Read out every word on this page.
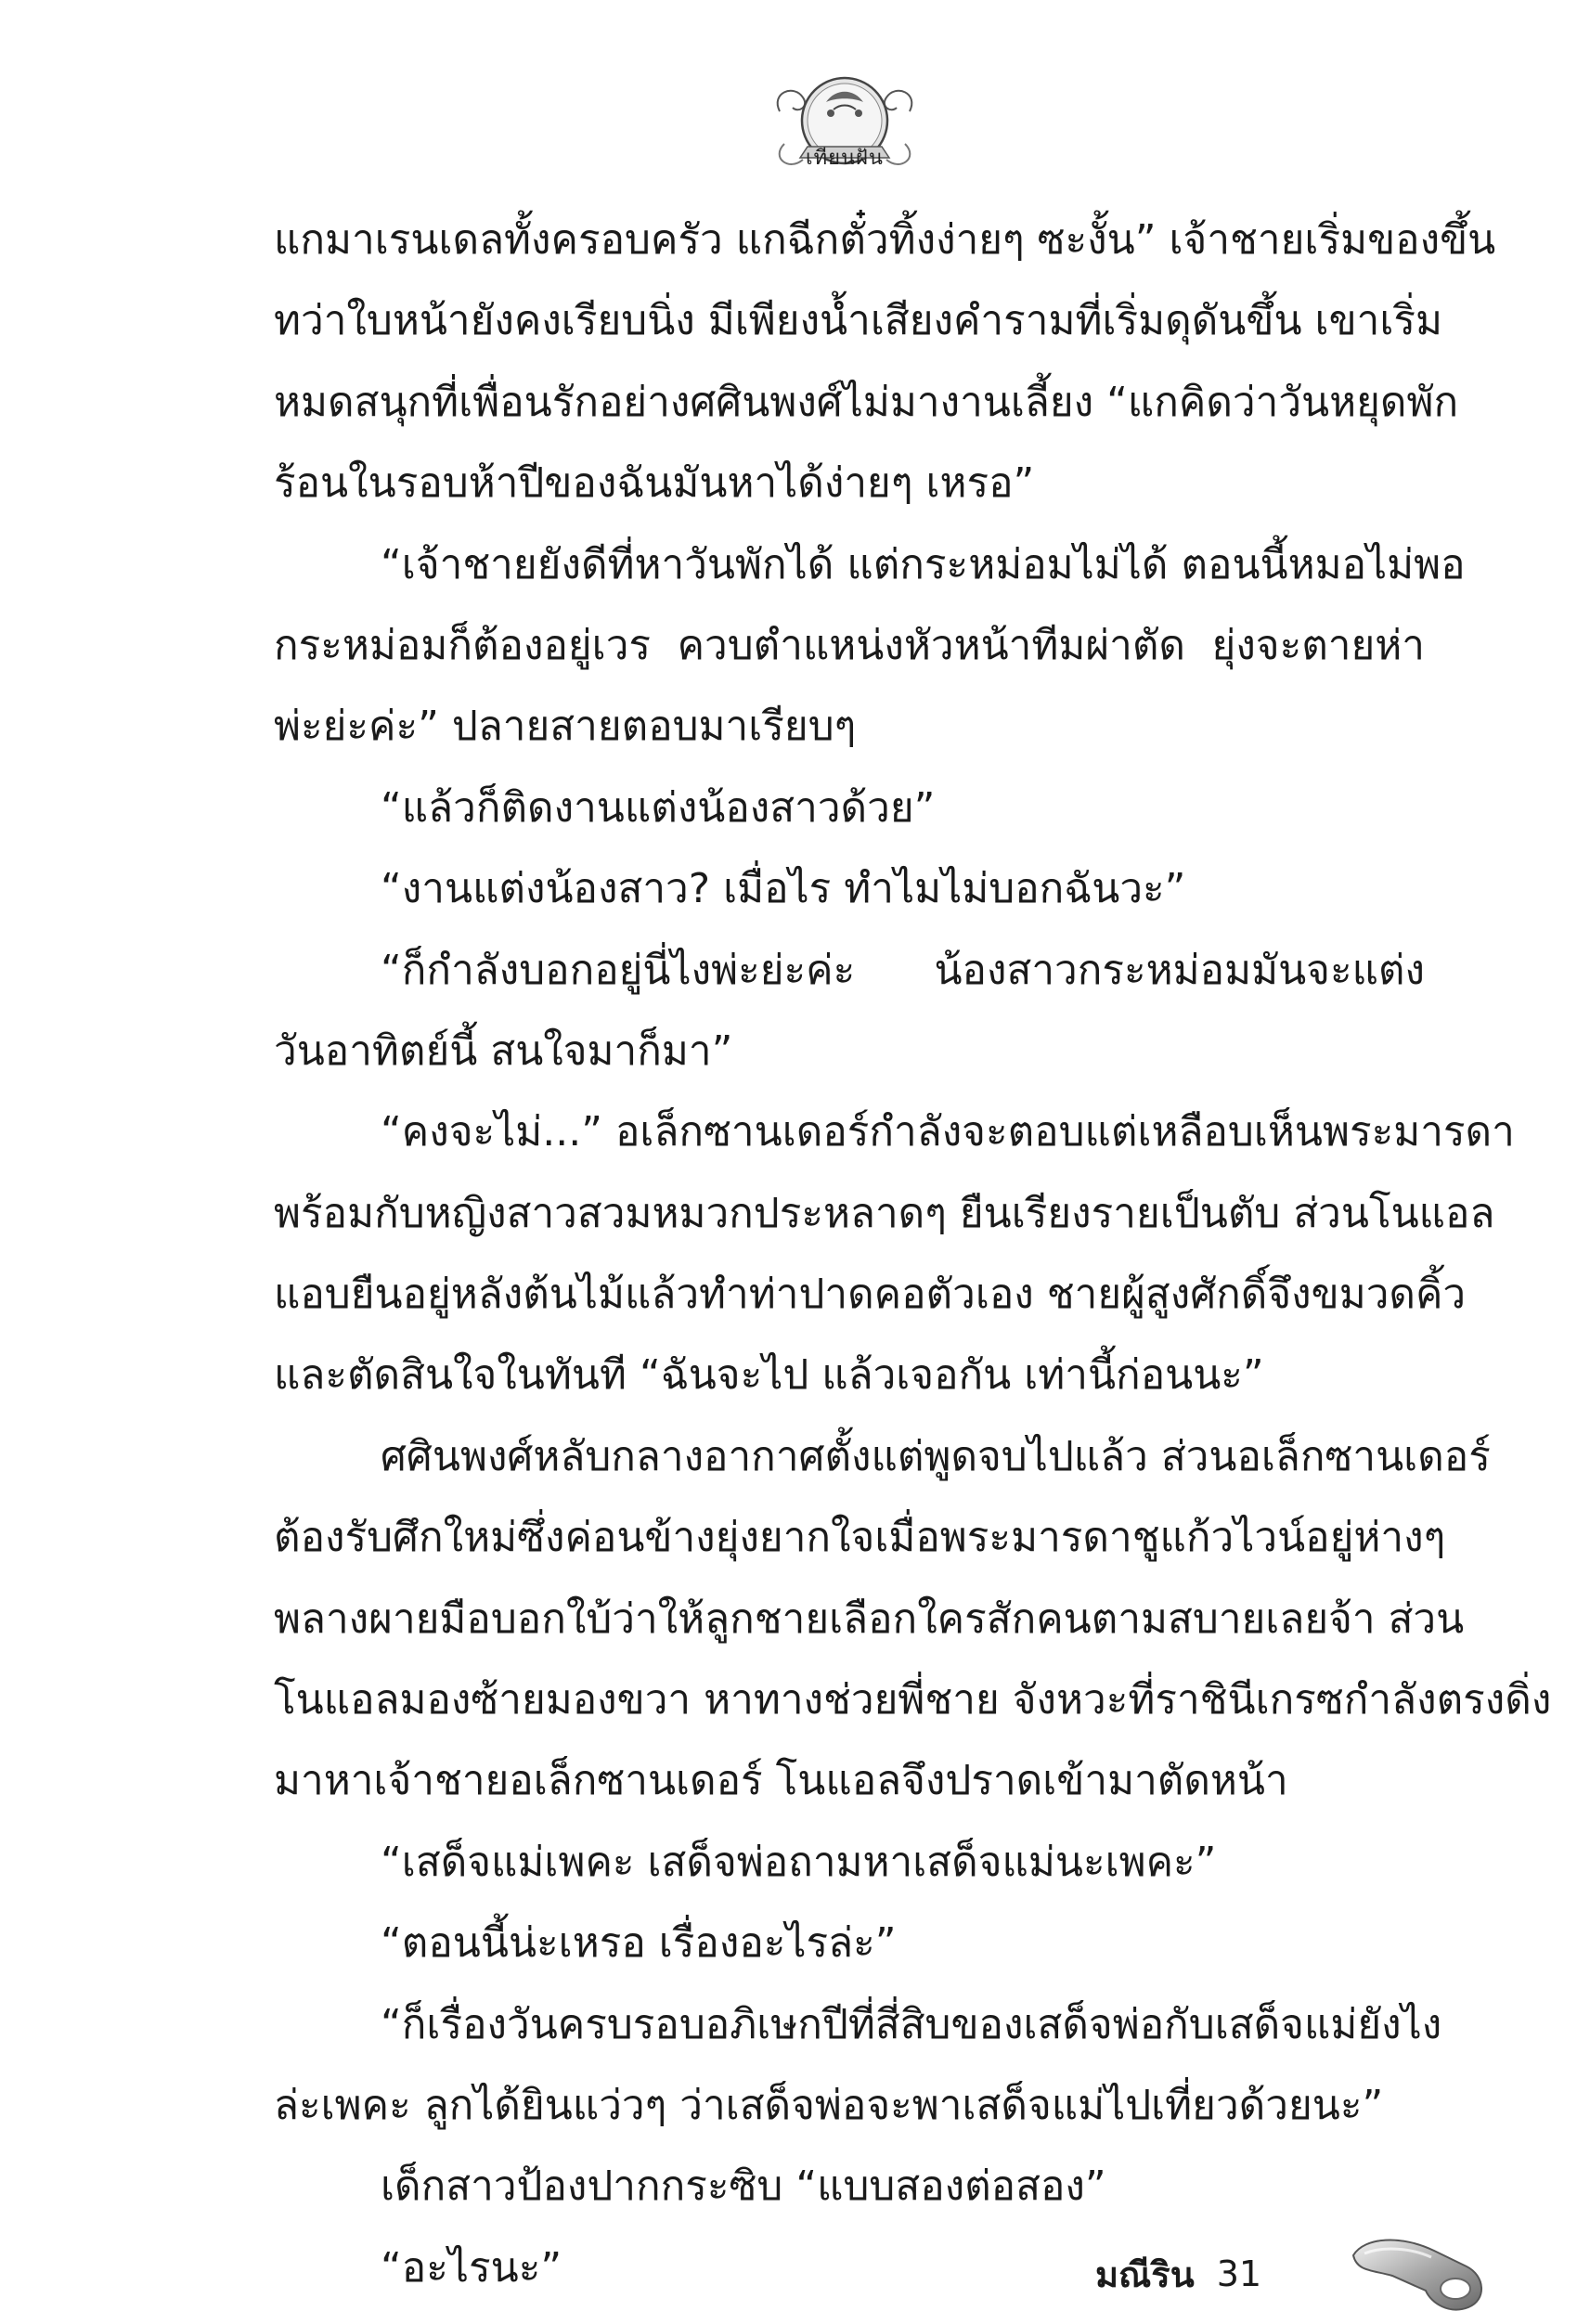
เทียนฝัน
แกมาเรนเดลทั้งครอบครัว แกฉีกตั๋วทิ้งง่ายๆ ซะงั้น” เจ้าชายเริ่มของขึ้น
ทว่าใบหน้ายังคงเรียบนิ่ง มีเพียงน้ำเสียงคำรามที่เริ่มดุดันขึ้น เขาเริ่ม
หมดสนุกที่เพื่อนรักอย่างศศินพงศ์ไม่มางานเลี้ยง “แกคิดว่าวันหยุดพัก
ร้อนในรอบห้าปีของฉันมันหาได้ง่ายๆ เหรอ”
“เจ้าชายยังดีที่หาวันพักได้ แต่กระหม่อมไม่ได้ ตอนนี้หมอไม่พอ
กระหม่อมก็ต้องอยู่เวร ควบตำแหน่งหัวหน้าทีมผ่าตัด ยุ่งจะตายห่า
พ่ะย่ะค่ะ” ปลายสายตอบมาเรียบๆ
“แล้วก็ติดงานแต่งน้องสาวด้วย”
“งานแต่งน้องสาว? เมื่อไร ทำไมไม่บอกฉันวะ”
“ก็กำลังบอกอยู่นี่ไงพ่ะย่ะค่ะ น้องสาวกระหม่อมมันจะแต่ง
วันอาทิตย์นี้ สนใจมาก็มา”
“คงจะไม่...” อเล็กซานเดอร์กำลังจะตอบแต่เหลือบเห็นพระมารดา
พร้อมกับหญิงสาวสวมหมวกประหลาดๆ ยืนเรียงรายเป็นตับ ส่วนโนแอล
แอบยืนอยู่หลังต้นไม้แล้วทำท่าปาดคอตัวเอง ชายผู้สูงศักดิ์จึงขมวดคิ้ว
และตัดสินใจในทันที “ฉันจะไป แล้วเจอกัน เท่านี้ก่อนนะ”
ศศินพงศ์หลับกลางอากาศตั้งแต่พูดจบไปแล้ว ส่วนอเล็กซานเดอร์
ต้องรับศึกใหม่ซึ่งค่อนข้างยุ่งยากใจเมื่อพระมารดาชูแก้วไวน์อยู่ห่างๆ
พลางผายมือบอกใบ้ว่าให้ลูกชายเลือกใครสักคนตามสบายเลยจ้า ส่วน
โนแอลมองซ้ายมองขวา หาทางช่วยพี่ชาย จังหวะที่ราชินีเกรซกำลังตรงดิ่ง
มาหาเจ้าชายอเล็กซานเดอร์ โนแอลจึงปราดเข้ามาตัดหน้า
“เสด็จแม่เพคะ เสด็จพ่อถามหาเสด็จแม่นะเพคะ”
“ตอนนี้น่ะเหรอ เรื่องอะไรล่ะ”
“ก็เรื่องวันครบรอบอภิเษกปีที่สี่สิบของเสด็จพ่อกับเสด็จแม่ยังไง
ล่ะเพคะ ลูกได้ยินแว่วๆ ว่าเสด็จพ่อจะพาเสด็จแม่ไปเที่ยวด้วยนะ”
เด็กสาวป้องปากกระซิบ “แบบสองต่อสอง”
“อะไรนะ”	มณีริน 31
